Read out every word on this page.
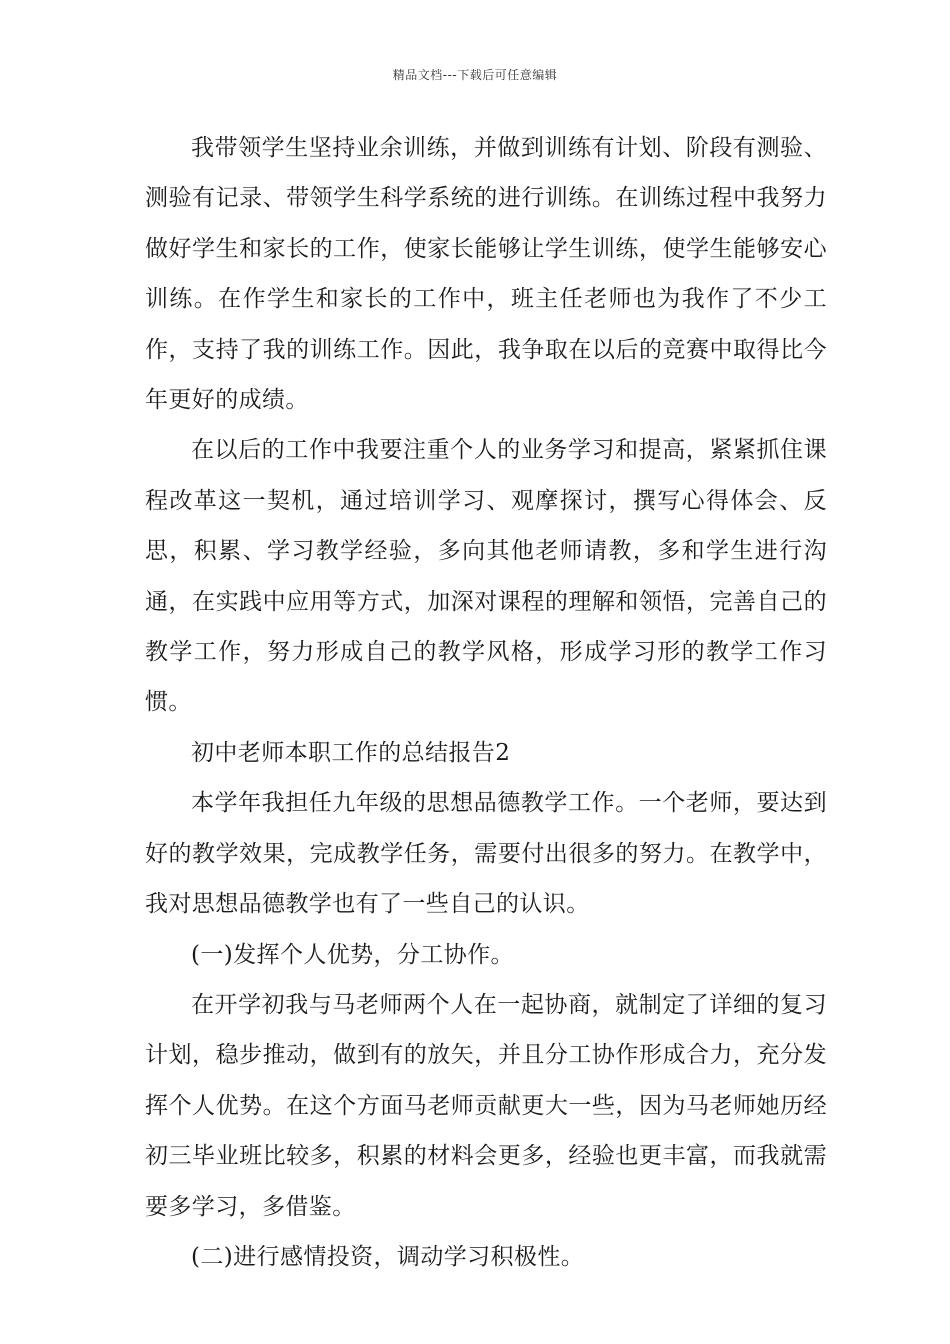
精品文档---下载后可任意编辑

我带领学生坚持业余训练，并做到训练有计划、阶段有测验、测验有记录、带领学生科学系统的进行训练。在训练过程中我努力做好学生和家长的工作，使家长能够让学生训练，使学生能够安心训练。在作学生和家长的工作中，班主任老师也为我作了不少工作，支持了我的训练工作。因此，我争取在以后的竞赛中取得比今年更好的成绩。

在以后的工作中我要注重个人的业务学习和提高，紧紧抓住课程改革这一契机，通过培训学习、观摩探讨，撰写心得体会、反思，积累、学习教学经验，多向其他老师请教，多和学生进行沟通，在实践中应用等方式，加深对课程的理解和领悟，完善自己的教学工作，努力形成自己的教学风格，形成学习形的教学工作习惯。

初中老师本职工作的总结报告2

本学年我担任九年级的思想品德教学工作。一个老师，要达到好的教学效果，完成教学任务，需要付出很多的努力。在教学中，我对思想品德教学也有了一些自己的认识。

(一)发挥个人优势，分工协作。

在开学初我与马老师两个人在一起协商，就制定了详细的复习计划，稳步推动，做到有的放矢，并且分工协作形成合力，充分发挥个人优势。在这个方面马老师贡献更大一些，因为马老师她历经初三毕业班比较多，积累的材料会更多，经验也更丰富，而我就需要多学习，多借鉴。

(二)进行感情投资，调动学习积极性。
